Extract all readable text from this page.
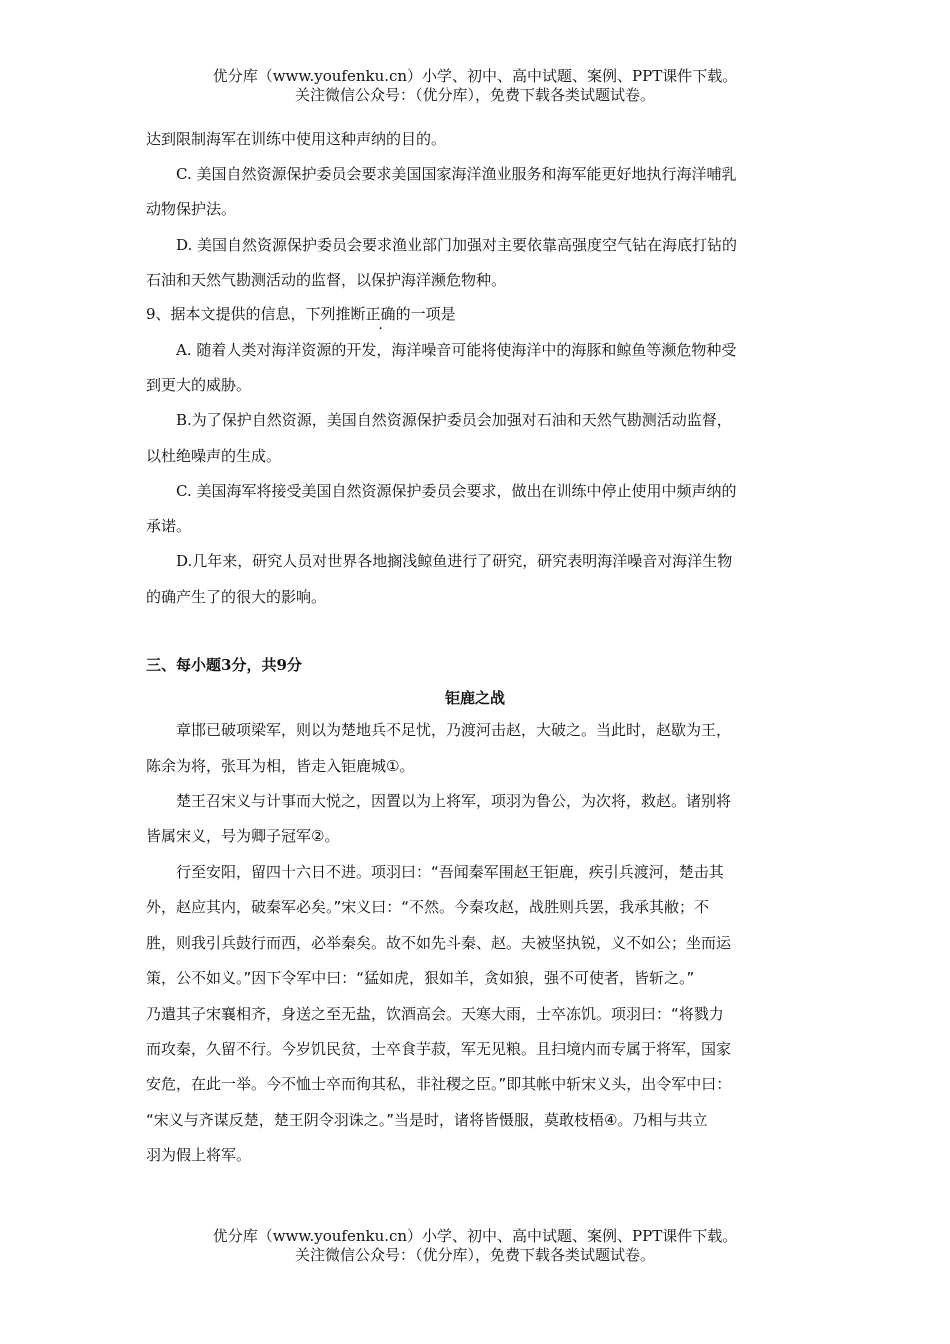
优分库（www.youfenku.cn）小学、初中、高中试题、案例、PPT课件下载。
关注微信公众号：（优分库），免费下载各类试题试卷。
达到限制海军在训练中使用这种声纳的目的。
C. 美国自然资源保护委员会要求美国国家海洋渔业服务和海军能更好地执行海洋哺乳
动物保护法。
D. 美国自然资源保护委员会要求渔业部门加强对主要依靠高强度空气钻在海底打钻的
石油和天然气勘测活动的监督，以保护海洋濒危物种。
9、据本文提供的信息，下列推断正确的一项是
A. 随着人类对海洋资源的开发，海洋噪音可能将使海洋中的海豚和鲸鱼等濒危物种受
到更大的威胁。
B.为了保护自然资源，美国自然资源保护委员会加强对石油和天然气勘测活动监督，
以杜绝噪声的生成。
C. 美国海军将接受美国自然资源保护委员会要求，做出在训练中停止使用中频声纳的
承诺。
D.几年来，研究人员对世界各地搁浅鲸鱼进行了研究，研究表明海洋噪音对海洋生物
的确产生了的很大的影响。
三、每小题3分，共9分
钜鹿之战
章邯已破项梁军，则以为楚地兵不足忧，乃渡河击赵，大破之。当此时，赵歇为王，
陈余为将，张耳为相，皆走入钜鹿城①。
楚王召宋义与计事而大悦之，因置以为上将军，项羽为鲁公，为次将，救赵。诸别将
皆属宋义，号为卿子冠军②。
行至安阳，留四十六日不进。项羽曰：“吾闻秦军围赵王钜鹿，疾引兵渡河，楚击其
外，赵应其内，破秦军必矣。”宋义曰：“不然。今秦攻赵，战胜则兵罢，我承其敝；不
胜，则我引兵鼓行而西，必举秦矣。故不如先斗秦、赵。夫被坚执锐，义不如公；坐而运
策，公不如义。”因下令军中曰：“猛如虎，狠如羊，贪如狼，强不可使者，皆斩之。”
乃遣其子宋襄相齐，身送之至无盐，饮酒高会。天寒大雨，士卒冻饥。项羽曰：“将戮力
而攻秦，久留不行。今岁饥民贫，士卒食芋菽，军无见粮。且扫境内而专属于将军，国家
安危，在此一举。今不恤士卒而徇其私，非社稷之臣。”即其帐中斩宋义头，出令军中曰：
“宋义与齐谋反楚，楚王阴令羽诛之。”当是时，诸将皆慑服，莫敢枝梧④。乃相与共立
羽为假上将军。
优分库（www.youfenku.cn）小学、初中、高中试题、案例、PPT课件下载。
关注微信公众号：（优分库），免费下载各类试题试卷。
